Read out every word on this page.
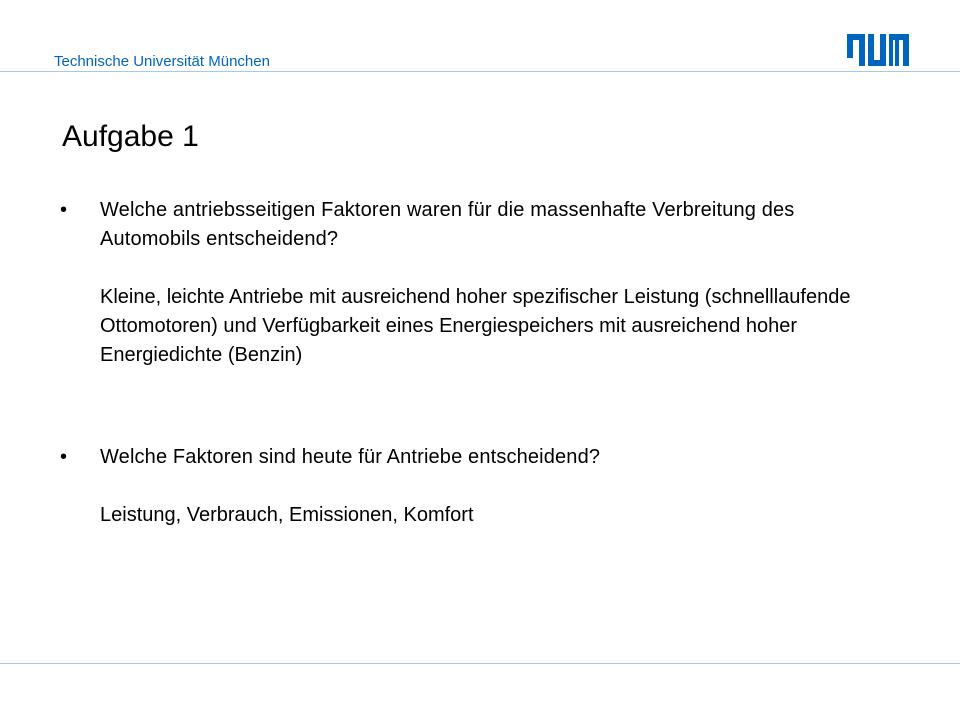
Technische Universität München
Aufgabe 1
• Welche antriebsseitigen Faktoren waren für die massenhafte Verbreitung des Automobils entscheidend?

Kleine, leichte Antriebe mit ausreichend hoher spezifischer Leistung (schnelllaufende Ottomotoren) und Verfügbarkeit eines Energiespeichers mit ausreichend hoher Energiedichte (Benzin)

• Welche Faktoren sind heute für Antriebe entscheidend?

Leistung, Verbrauch, Emissionen, Komfort
